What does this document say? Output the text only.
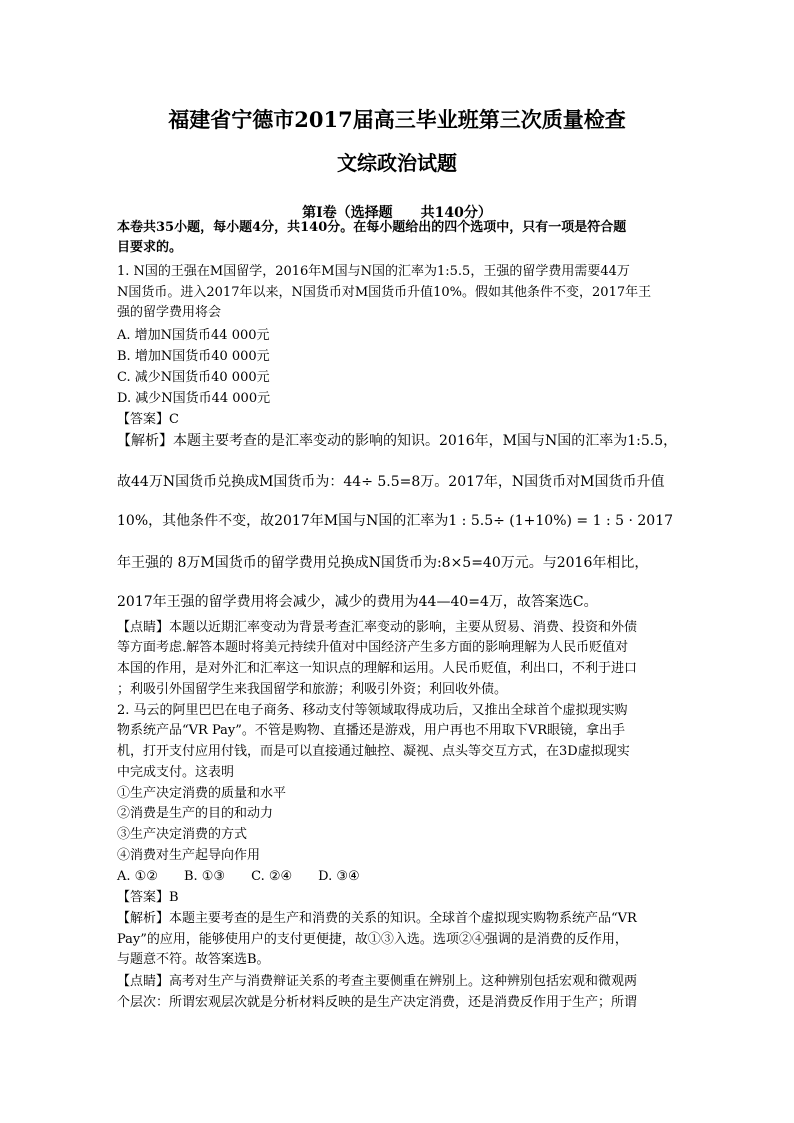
福建省宁德市2017届高三毕业班第三次质量检查
文综政治试题
第Ⅰ卷（选择题　　共140分）
本卷共35小题，每小题4分，共140分。在每小题给出的四个选项中，只有一项是符合题
目要求的。
1. N国的王强在M国留学，2016年M国与N国的汇率为1:5.5，王强的留学费用需要44万
N国货币。进入2017年以来，N国货币对M国货币升值10%。假如其他条件不变，2017年王
强的留学费用将会
A. 增加N国货币44 000元
B. 增加N国货币40 000元
C. 减少N国货币40 000元
D. 减少N国货币44 000元
【答案】C
【解析】本题主要考查的是汇率变动的影响的知识。2016年，M国与N国的汇率为1:5.5，
故44万N国货币兑换成M国货币为：44÷ 5.5=8万。2017年，N国货币对M国货币升值
10%，其他条件不变，故2017年M国与N国的汇率为1 : 5.5÷ (1+10%) = 1 : 5 · 2017
年王强的 8万M国货币的留学费用兑换成N国货币为:8×5=40万元。与2016年相比，
2017年王强的留学费用将会减少，减少的费用为44—40=4万，故答案选C。
【点睛】本题以近期汇率变动为背景考查汇率变动的影响，主要从贸易、消费、投资和外债
等方面考虑.解答本题时将美元持续升值对中国经济产生多方面的影响理解为人民币贬值对
本国的作用，是对外汇和汇率这一知识点的理解和运用。人民币贬值，利出口，不利于进口
；利吸引外国留学生来我国留学和旅游；利吸引外资；利回收外债。
2. 马云的阿里巴巴在电子商务、移动支付等领域取得成功后，又推出全球首个虚拟现实购
物系统产品“VR Pay”。不管是购物、直播还是游戏，用户再也不用取下VR眼镜，拿出手
机，打开支付应用付钱，而是可以直接通过触控、凝视、点头等交互方式，在3D虚拟现实
中完成支付。这表明
①生产决定消费的质量和水平
②消费是生产的目的和动力
③生产决定消费的方式
④消费对生产起导向作用
A. ①②　　B. ①③　　C. ②④　　D. ③④
【答案】B
【解析】本题主要考查的是生产和消费的关系的知识。全球首个虚拟现实购物系统产品“VR
Pay”的应用，能够使用户的支付更便捷，故①③入选。选项②④强调的是消费的反作用，
与题意不符。故答案选B。
【点睛】高考对生产与消费辩证关系的考查主要侧重在辨别上。这种辨别包括宏观和微观两
个层次：所谓宏观层次就是分析材料反映的是生产决定消费，还是消费反作用于生产；所谓
